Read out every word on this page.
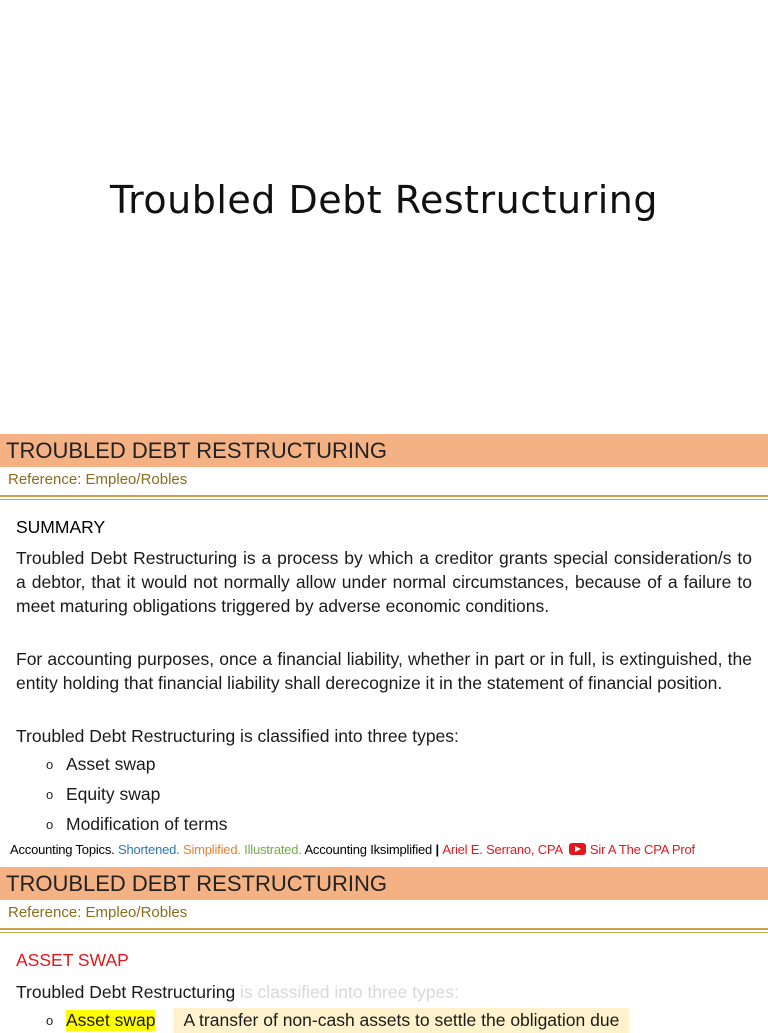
Troubled Debt Restructuring
TROUBLED DEBT RESTRUCTURING
Reference: Empleo/Robles
SUMMARY
Troubled Debt Restructuring is a process by which a creditor grants special consideration/s to a debtor, that it would not normally allow under normal circumstances, because of a failure to meet maturing obligations triggered by adverse economic conditions.
For accounting purposes, once a financial liability, whether in part or in full, is extinguished, the entity holding that financial liability shall derecognize it in the statement of financial position.
Troubled Debt Restructuring is classified into three types:
o Asset swap
o Equity swap
o Modification of terms
Accounting Topics. Shortened. Simplified. Illustrated. Accounting Iksimplified | Ariel E. Serrano, CPA Sir A The CPA Prof
TROUBLED DEBT RESTRUCTURING
Reference: Empleo/Robles
ASSET SWAP
Troubled Debt Restructuring is classified into three types:
o Asset swap	A transfer of non-cash assets to settle the obligation due
